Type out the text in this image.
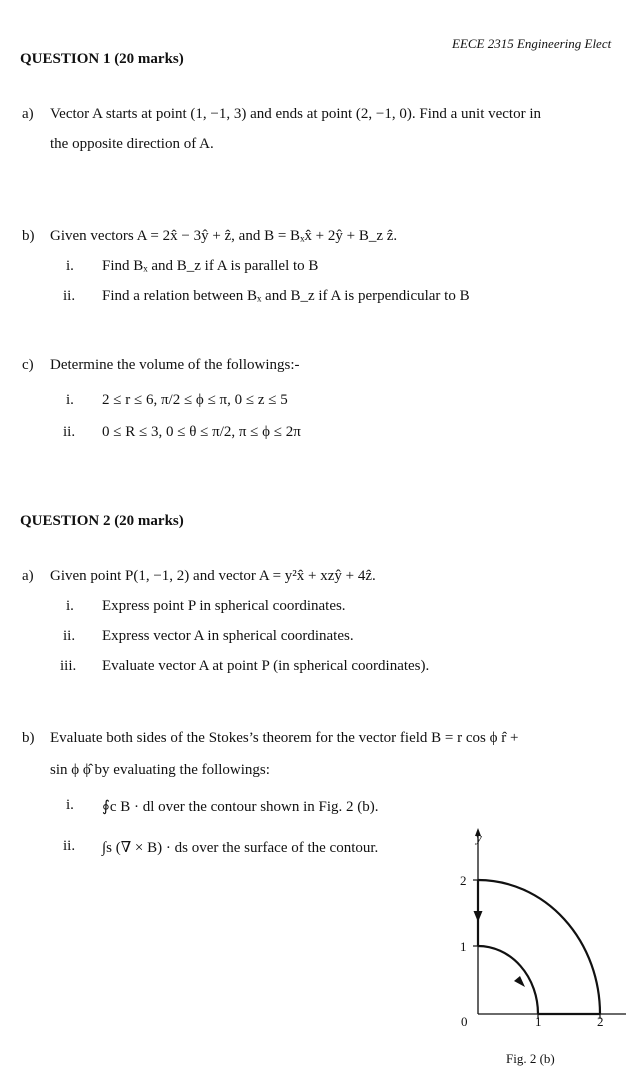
EECE 2315 Engineering Elect
QUESTION 1 (20 marks)
a) Vector A starts at point (1, −1, 3) and ends at point (2, −1, 0). Find a unit vector in
the opposite direction of A.
b) Given vectors A = 2x̂ − 3ŷ + ẑ, and B = Bₓx̂ + 2ŷ + B_z ẑ.
i. Find Bₓ and B_z if A is parallel to B
ii. Find a relation between Bₓ and B_z if A is perpendicular to B
c) Determine the volume of the followings:-
i. 2 ≤ r ≤ 6, π/2 ≤ ϕ ≤ π, 0 ≤ z ≤ 5
ii. 0 ≤ R ≤ 3, 0 ≤ θ ≤ π/2, π ≤ ϕ ≤ 2π
QUESTION 2 (20 marks)
a) Given point P(1, −1, 2) and vector A = y²x̂ + xzŷ + 4ẑ.
i. Express point P in spherical coordinates.
ii. Express vector A in spherical coordinates.
iii. Evaluate vector A at point P (in spherical coordinates).
b) Evaluate both sides of the Stokes’s theorem for the vector field B = r cos ϕ r̂ +
sin ϕ ϕ̂ by evaluating the followings:
i. ∮c B · dl over the contour shown in Fig. 2 (b).
ii. ∫s (∇ × B) · ds over the surface of the contour.
y
2
1
0	1	2
Fig. 2 (b)
